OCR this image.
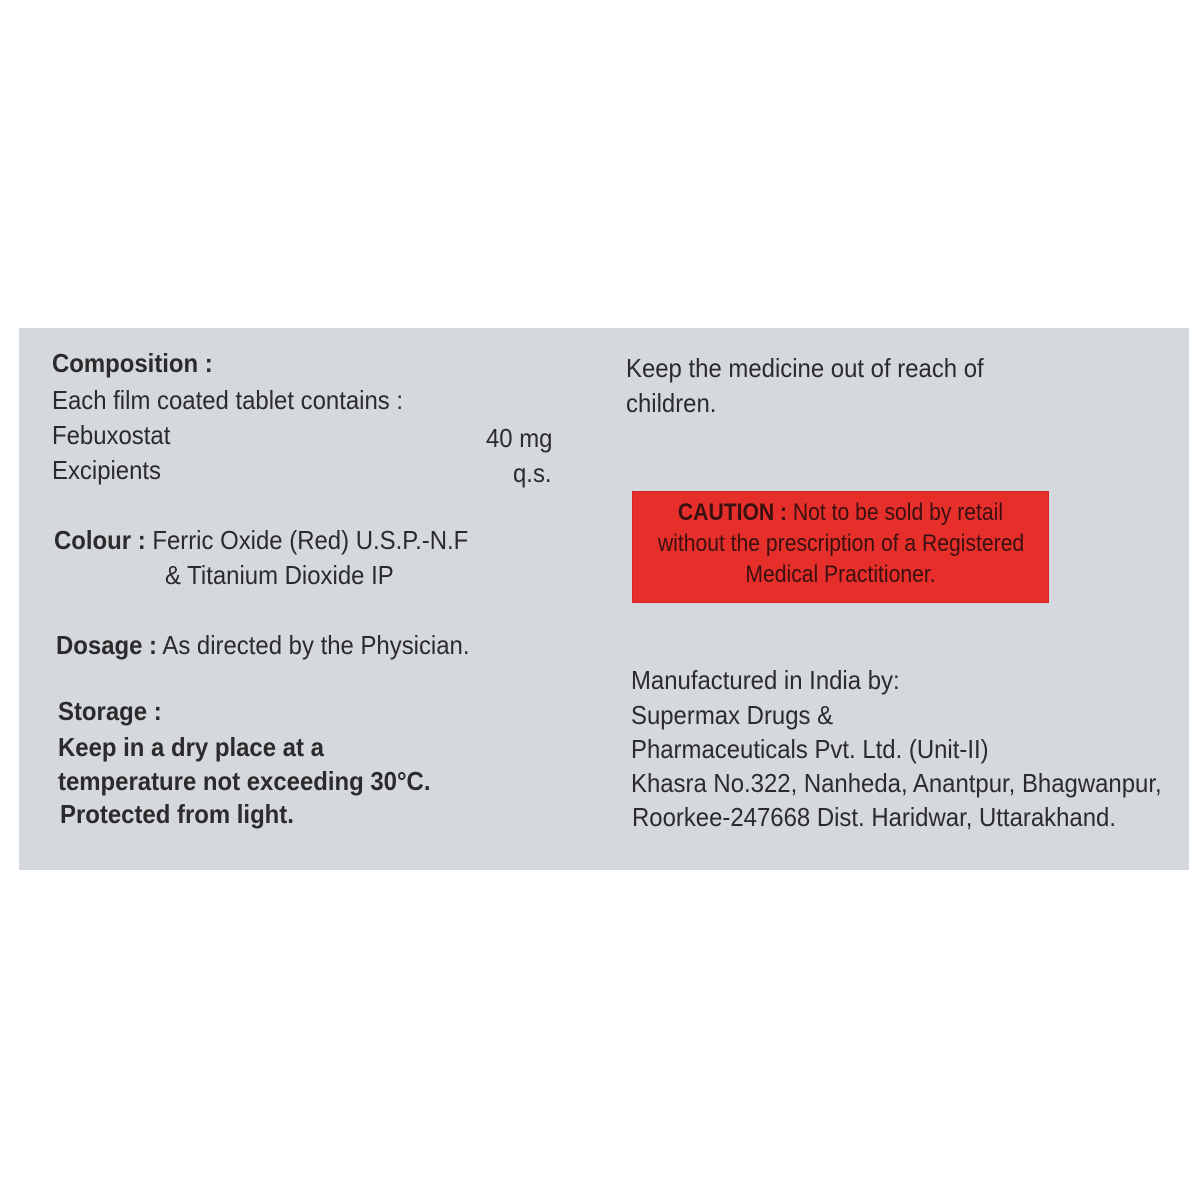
Composition :
Each film coated tablet contains :
Febuxostat	40 mg
Excipients	q.s.
Colour : Ferric Oxide (Red) U.S.P.-N.F
& Titanium Dioxide IP
Dosage : As directed by the Physician.
Storage :
Keep in a dry place at a
temperature not exceeding 30°C.
Protected from light.
Keep the medicine out of reach of
children.
CAUTION : Not to be sold by retail
without the prescription of a Registered
Medical Practitioner.
Manufactured in India by:
Supermax Drugs &
Pharmaceuticals Pvt. Ltd. (Unit-II)
Khasra No.322, Nanheda, Anantpur, Bhagwanpur,
Roorkee-247668 Dist. Haridwar, Uttarakhand.
